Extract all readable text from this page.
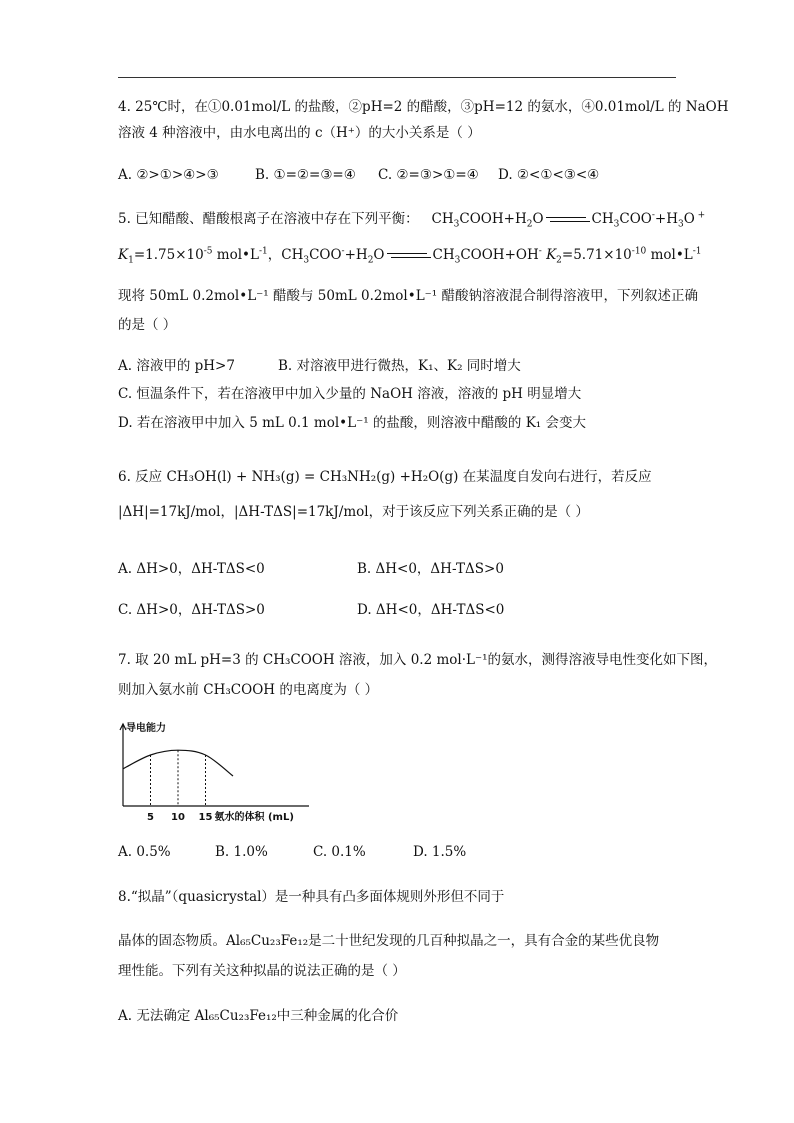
4. 25℃时，在①0.01mol/L 的盐酸，②pH=2 的醋酸，③pH=12 的氨水，④0.01mol/L 的 NaOH
溶液 4 种溶液中，由水电离出的 c（H⁺）的大小关系是（ ）
A. ②>①>④>③	B. ①=②=③=④ C. ②=③>①=④ D. ②<①<③<④
5. 已知醋酸、醋酸根离子在溶液中存在下列平衡：   $CH_3COOH+H_2O$	$CH_3COO^-+H_3O$ +
$K_1=1.75\times 10^{-5}$ $mol•L^{-1}$，$CH_3COO^-+H_2O$	$CH_3COOH+OH^-$ $K_2=5.71\times 10^{-10}$ $mol•L^{-1}$
现将 50mL 0.2mol•L⁻¹ 醋酸与 50mL 0.2mol•L⁻¹ 醋酸钠溶液混合制得溶液甲，下列叙述正确
的是（ ）
A. 溶液甲的 pH>7	B. 对溶液甲进行微热，K₁、K₂ 同时增大
C. 恒温条件下，若在溶液甲中加入少量的 NaOH 溶液，溶液的 pH 明显增大
D. 若在溶液甲中加入 5 mL 0.1 mol•L⁻¹ 的盐酸，则溶液中醋酸的 K₁ 会变大
6. 反应 CH₃OH(l) + NH₃(g) = CH₃NH₂(g) +H₂O(g) 在某温度自发向右进行，若反应
|ΔH|=17kJ/mol，|ΔH-TΔS|=17kJ/mol，对于该反应下列关系正确的是（ ）
A. ΔH>0，ΔH-TΔS<0	B. ΔH<0，ΔH-TΔS>0
C. ΔH>0，ΔH-TΔS>0	D. ΔH<0，ΔH-TΔS<0
7. 取 20 mL pH=3 的 CH₃COOH 溶液，加入 0.2 mol·L⁻¹的氨水，测得溶液导电性变化如下图，
则加入氨水前 CH₃COOH 的电离度为（ ）
导电能力
5 10 15 氨水的体积 (mL)
A. 0.5%	B. 1.0%	C. 0.1%	D. 1.5%
8.“拟晶”（quasicrystal）是一种具有凸多面体规则外形但不同于
晶体的固态物质。Al₆₅Cu₂₃Fe₁₂是二十世纪发现的几百种拟晶之一，具有合金的某些优良物
理性能。下列有关这种拟晶的说法正确的是（ ）
A. 无法确定 Al₆₅Cu₂₃Fe₁₂中三种金属的化合价
